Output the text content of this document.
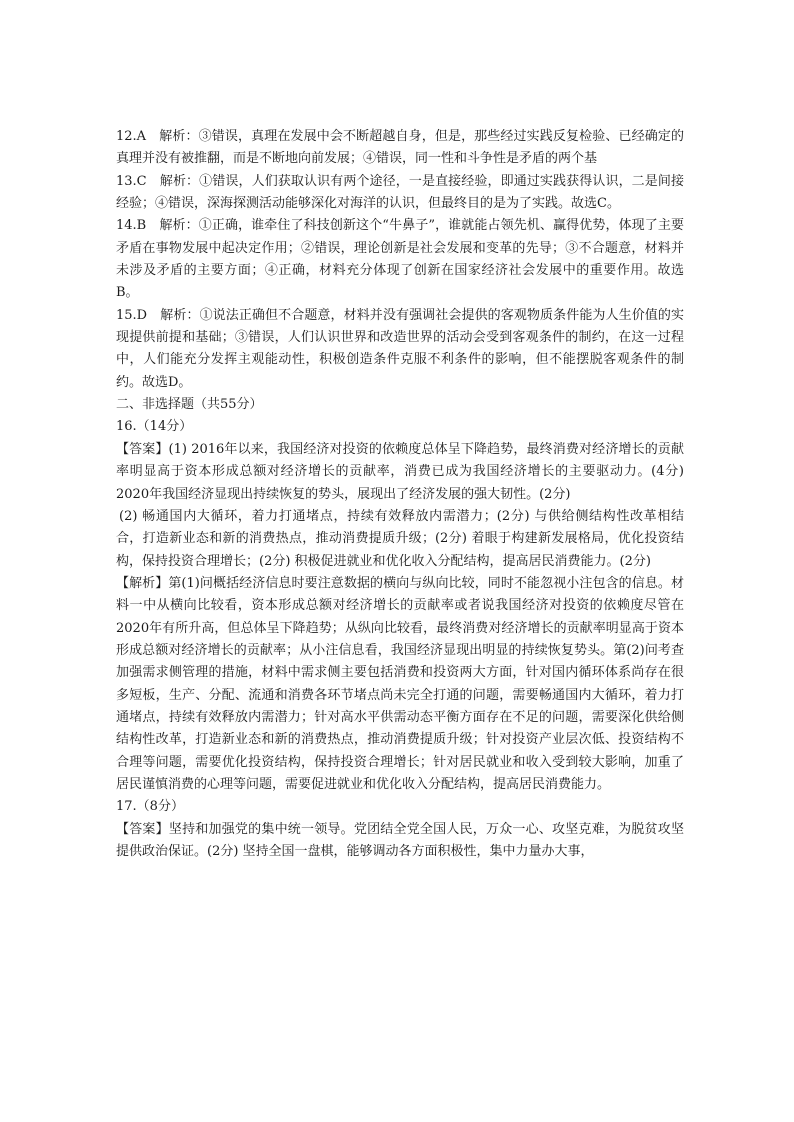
12.A　解析：③错误，真理在发展中会不断超越自身，但是，那些经过实践反复检验、已经确定的真理并没有被推翻，而是不断地向前发展；④错误，同一性和斗争性是矛盾的两个基

13.C　解析：①错误，人们获取认识有两个途径，一是直接经验，即通过实践获得认识，二是间接经验；④错误，深海探测活动能够深化对海洋的认识，但最终目的是为了实践。故选C。

14.B　解析：①正确，谁牵住了科技创新这个“牛鼻子”，谁就能占领先机、赢得优势，体现了主要矛盾在事物发展中起决定作用；②错误，理论创新是社会发展和变革的先导；③不合题意，材料并未涉及矛盾的主要方面；④正确，材料充分体现了创新在国家经济社会发展中的重要作用。故选B。

15.D　解析：①说法正确但不合题意，材料并没有强调社会提供的客观物质条件能为人生价值的实现提供前提和基础；③错误，人们认识世界和改造世界的活动会受到客观条件的制约，在这一过程中，人们能充分发挥主观能动性，积极创造条件克服不利条件的影响，但不能摆脱客观条件的制约。故选D。

二、非选择题（共55分）

16.（14分）

【答案】(1) 2016年以来，我国经济对投资的依赖度总体呈下降趋势，最终消费对经济增长的贡献率明显高于资本形成总额对经济增长的贡献率，消费已成为我国经济增长的主要驱动力。(4分) 2020年我国经济显现出持续恢复的势头，展现出了经济发展的强大韧性。(2分)

(2) 畅通国内大循环，着力打通堵点，持续有效释放内需潜力；(2分) 与供给侧结构性改革相结合，打造新业态和新的消费热点，推动消费提质升级；(2分) 着眼于构建新发展格局，优化投资结构，保持投资合理增长；(2分) 积极促进就业和优化收入分配结构，提高居民消费能力。(2分)

【解析】第(1)问概括经济信息时要注意数据的横向与纵向比较，同时不能忽视小注包含的信息。材料一中从横向比较看，资本形成总额对经济增长的贡献率或者说我国经济对投资的依赖度尽管在2020年有所升高，但总体呈下降趋势；从纵向比较看，最终消费对经济增长的贡献率明显高于资本形成总额对经济增长的贡献率；从小注信息看，我国经济显现出明显的持续恢复势头。第(2)问考查加强需求侧管理的措施，材料中需求侧主要包括消费和投资两大方面，针对国内循环体系尚存在很多短板，生产、分配、流通和消费各环节堵点尚未完全打通的问题，需要畅通国内大循环，着力打通堵点，持续有效释放内需潜力；针对高水平供需动态平衡方面存在不足的问题，需要深化供给侧结构性改革，打造新业态和新的消费热点，推动消费提质升级；针对投资产业层次低、投资结构不合理等问题，需要优化投资结构，保持投资合理增长；针对居民就业和收入受到较大影响，加重了居民谨慎消费的心理等问题，需要促进就业和优化收入分配结构，提高居民消费能力。

17.（8分）

【答案】坚持和加强党的集中统一领导。党团结全党全国人民，万众一心、攻坚克难，为脱贫攻坚提供政治保证。(2分) 坚持全国一盘棋，能够调动各方面积极性，集中力量办大事，
